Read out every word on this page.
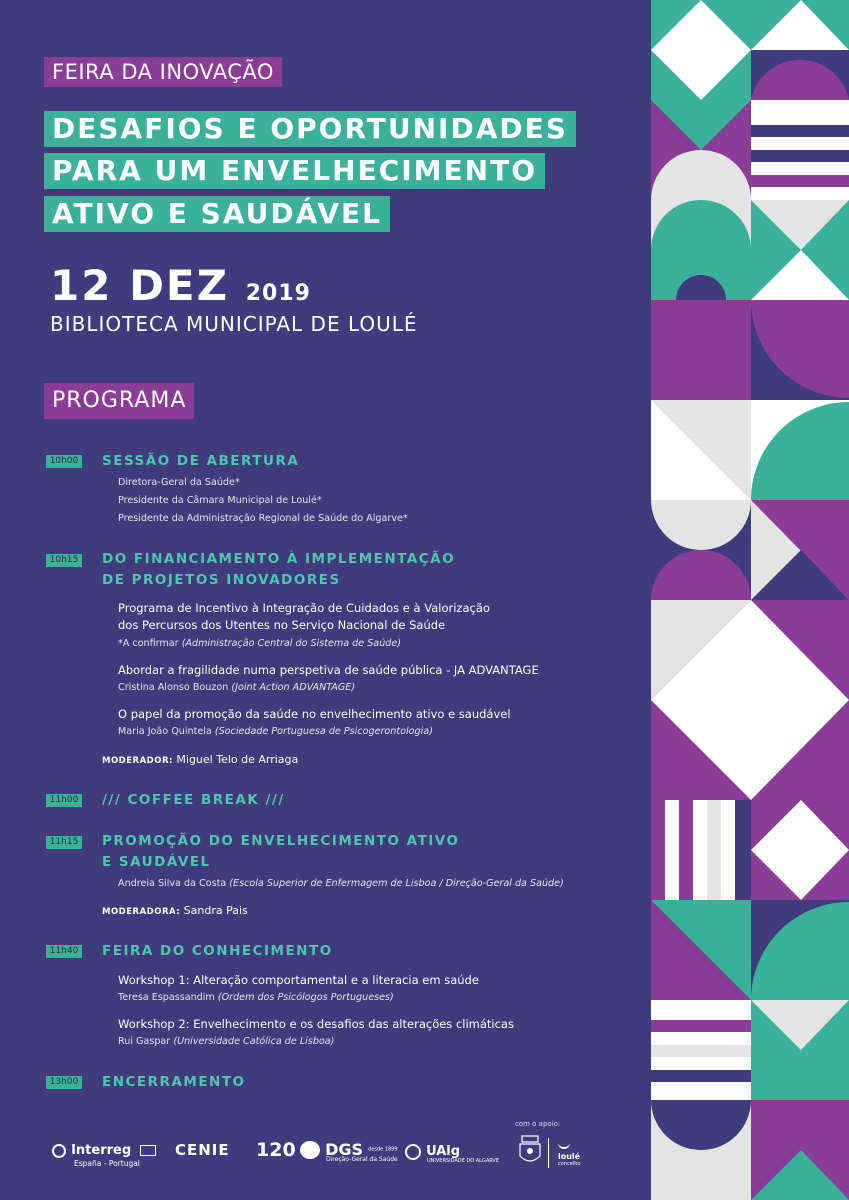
FEIRA DA INOVAÇÃO
DESAFIOS E OPORTUNIDADES
PARA UM ENVELHECIMENTO
ATIVO E SAUDÁVEL
12 DEZ 2019
BIBLIOTECA MUNICIPAL DE LOULÉ
PROGRAMA
10h00 SESSÃO DE ABERTURA
Diretora-Geral da Saúde*
Presidente da Câmara Municipal de Loulé*
Presidente da Administração Regional de Saúde do Algarve*
10h15 DO FINANCIAMENTO À IMPLEMENTAÇÃO
DE PROJETOS INOVADORES
Programa de Incentivo à Integração de Cuidados e à Valorização
dos Percursos dos Utentes no Serviço Nacional de Saúde
*A confirmar (Administração Central do Sistema de Saúde)
Abordar a fragilidade numa perspetiva de saúde pública - JA ADVANTAGE
Cristina Alonso Bouzon (Joint Action ADVANTAGE)
O papel da promoção da saúde no envelhecimento ativo e saudável
Maria João Quintela (Sociedade Portuguesa de Psicogerontologia)
MODERADOR: Miguel Telo de Arriaga
11h00 /// COFFEE BREAK ///
11h15 PROMOÇÃO DO ENVELHECIMENTO ATIVO
E SAUDÁVEL
Andreia Silva da Costa (Escola Superior de Enfermagem de Lisboa / Direção-Geral da Saúde)
MODERADORA: Sandra Pais
11h40 FEIRA DO CONHECIMENTO
Workshop 1: Alteração comportamental e a literacia em saúde
Teresa Espassandim (Ordem dos Psicólogos Portugueses)
Workshop 2: Envelhecimento e os desafios das alterações climáticas
Rui Gaspar (Universidade Católica de Lisboa)
13h00 ENCERRAMENTO
Interreg
España - Portugal
CENIE 120	DGS desde 1899
Direção-Geral da Saúde
UAlg
UNIVERSIDADE DO ALGARVE
com o apoio:
loulé
concelho
